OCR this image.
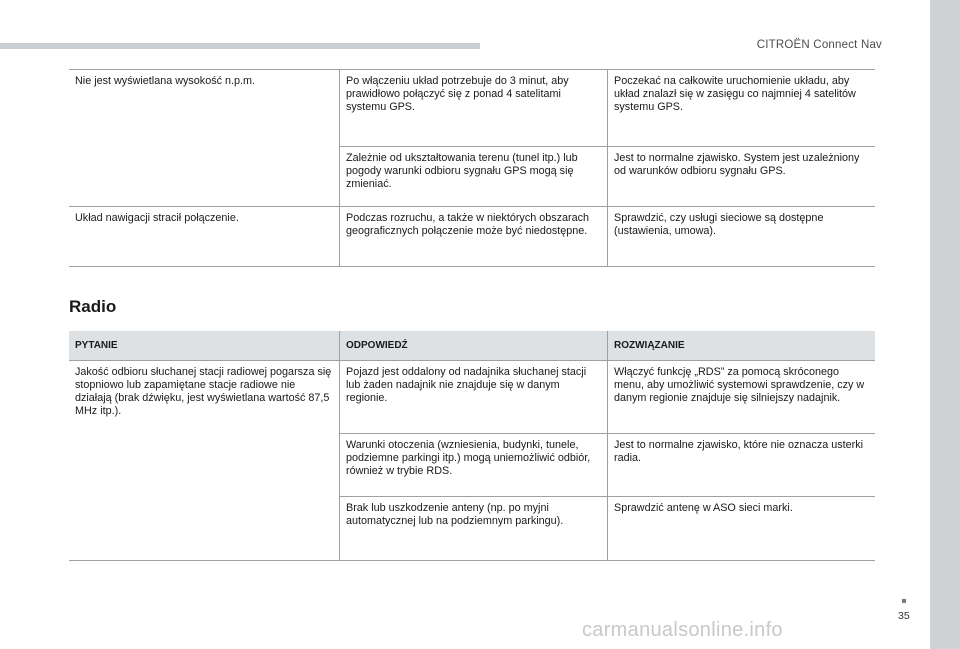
CITROËN Connect Nav
Nie jest wyświetlana wysokość n.p.m.	Po włączeniu układ potrzebuje do 3 minut, aby prawidłowo połączyć się z ponad 4 satelitami systemu GPS.	Poczekać na całkowite uruchomienie układu, aby układ znalazł się w zasięgu co najmniej 4 satelitów systemu GPS.
	Zależnie od ukształtowania terenu (tunel itp.) lub pogody warunki odbioru sygnału GPS mogą się zmieniać.	Jest to normalne zjawisko. System jest uzależniony od warunków odbioru sygnału GPS.
Układ nawigacji stracił połączenie.	Podczas rozruchu, a także w niektórych obszarach geograficznych połączenie może być niedostępne.	Sprawdzić, czy usługi sieciowe są dostępne (ustawienia, umowa).
Radio
PYTANIE	ODPOWIEDŹ	ROZWIĄZANIE
Jakość odbioru słuchanej stacji radiowej pogarsza się stopniowo lub zapamiętane stacje radiowe nie działają (brak dźwięku, jest wyświetlana wartość 87,5 MHz itp.).	Pojazd jest oddalony od nadajnika słuchanej stacji lub żaden nadajnik nie znajduje się w danym regionie.	Włączyć funkcję „RDS” za pomocą skróconego menu, aby umożliwić systemowi sprawdzenie, czy w danym regionie znajduje się silniejszy nadajnik.
	Warunki otoczenia (wzniesienia, budynki, tunele, podziemne parkingi itp.) mogą uniemożliwić odbiór, również w trybie RDS.	Jest to normalne zjawisko, które nie oznacza usterki radia.
	Brak lub uszkodzenie anteny (np. po myjni automatycznej lub na podziemnym parkingu).	Sprawdzić antenę w ASO sieci marki.
35
carmanualsonline.info
